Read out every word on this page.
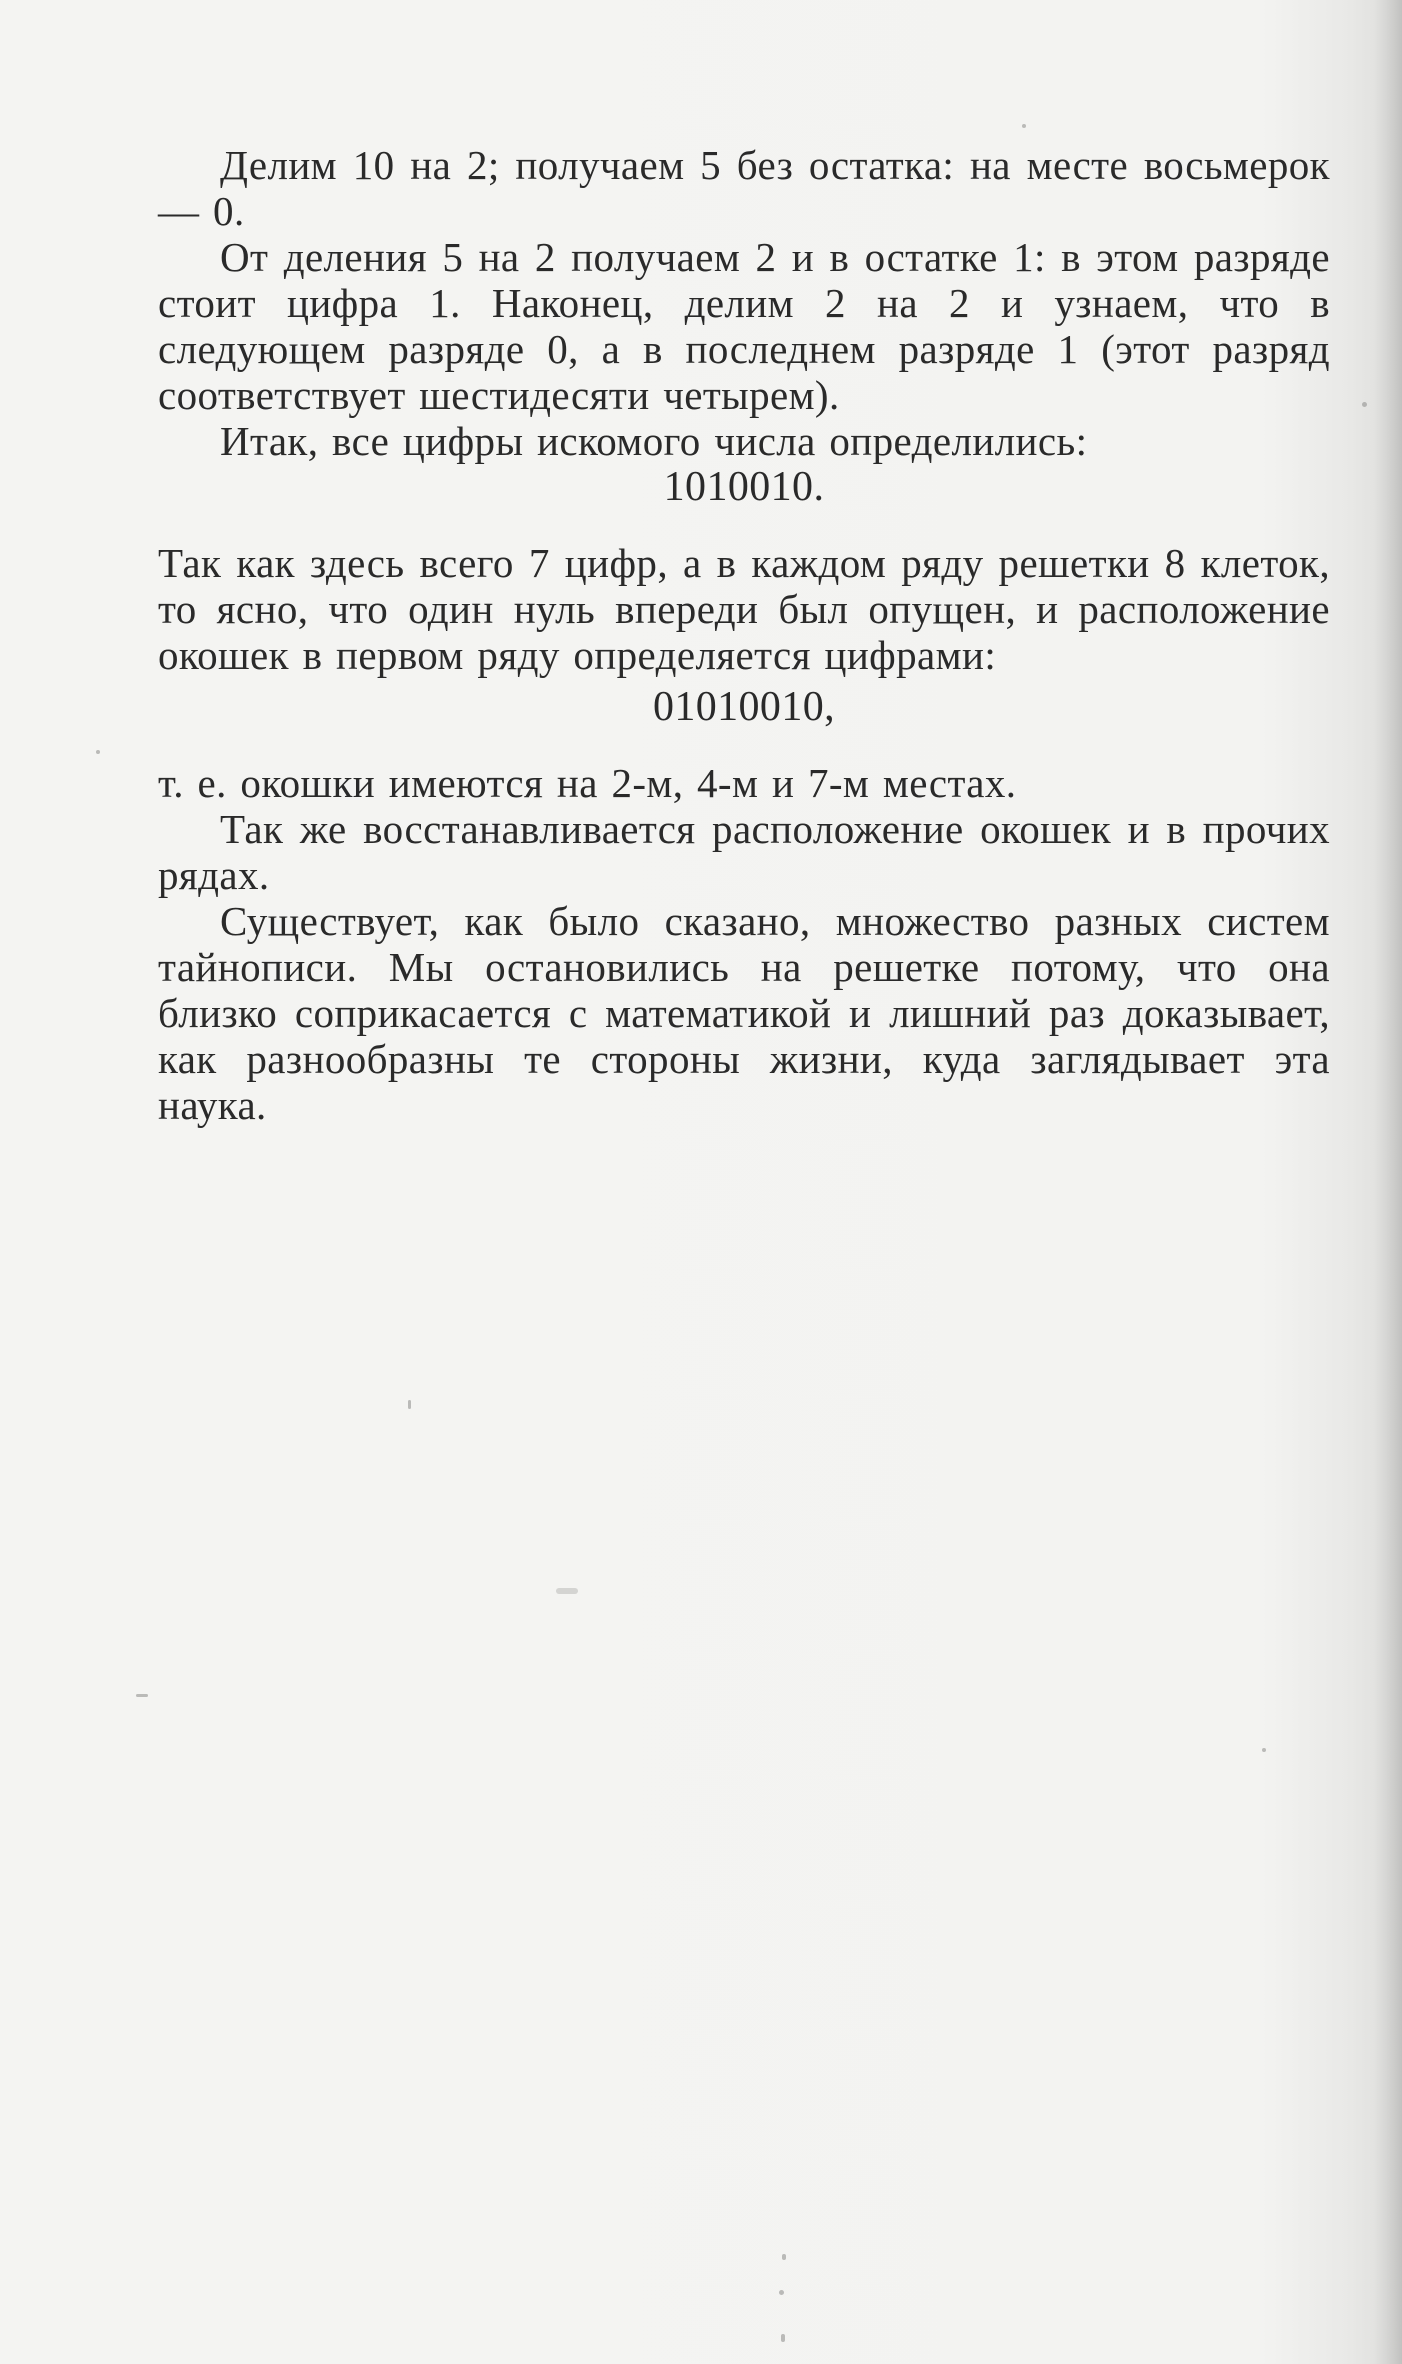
Делим 10 на 2; получаем 5 без остатка: на месте восьмерок — 0.

От деления 5 на 2 получаем 2 и в остатке 1: в этом разряде стоит цифра 1. Наконец, делим 2 на 2 и узнаем, что в следующем разряде 0, а в последнем разряде 1 (этот разряд соответствует шестидесяти четырем).

Итак, все цифры искомого числа определились:

1010010.

Так как здесь всего 7 цифр, а в каждом ряду решетки 8 клеток, то ясно, что один нуль впереди был опущен, и расположение окошек в первом ряду определяется цифрами:

01010010,

т. е. окошки имеются на 2-м, 4-м и 7-м местах.

Так же восстанавливается расположение окошек и в прочих рядах.

Существует, как было сказано, множество разных систем тайнописи. Мы остановились на решетке потому, что она близко соприкасается с математикой и лишний раз доказывает, как разнообразны те стороны жизни, куда заглядывает эта наука.
